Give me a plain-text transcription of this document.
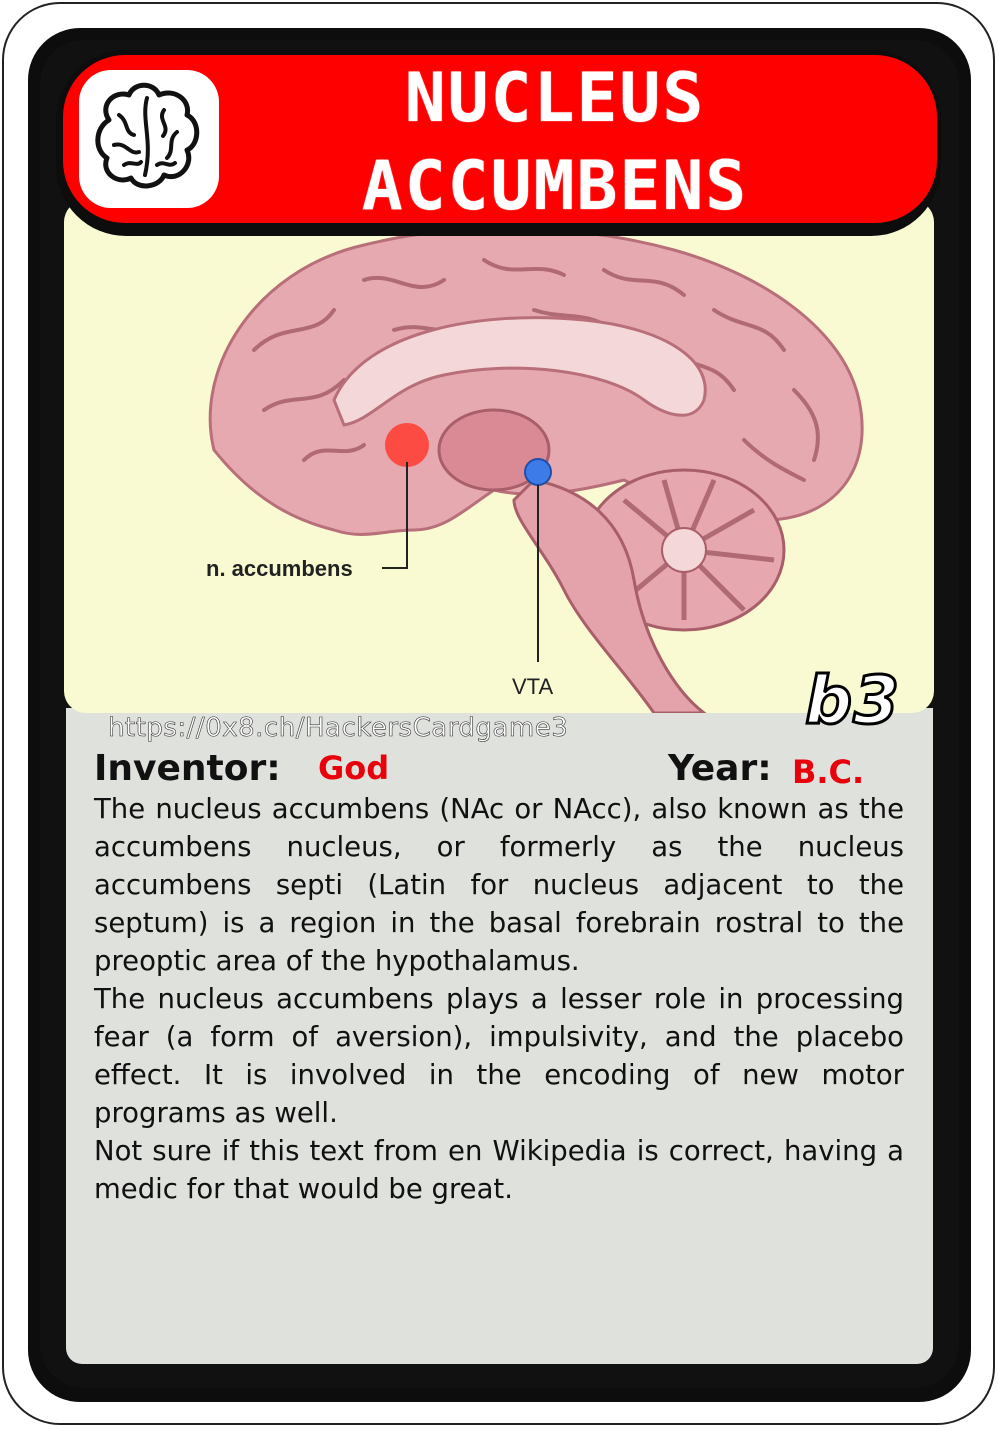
n. accumbens
VTA
NUCLEUS
ACCUMBENS
b3
https://0x8.ch/HackersCardgame3
Inventor: God	Year: B.C.

The nucleus accumbens (NAc or NAcc), also known as the accumbens nucleus, or formerly as the nucleus accumbens septi (Latin for nucleus adjacent to the septum) is a region in the basal forebrain rostral to the preoptic area of the hypothalamus.

The nucleus accumbens plays a lesser role in processing fear (a form of aversion), impulsivity, and the placebo effect. It is involved in the encoding of new motor programs as well.

Not sure if this text from en Wikipedia is correct, having a medic for that would be great.
